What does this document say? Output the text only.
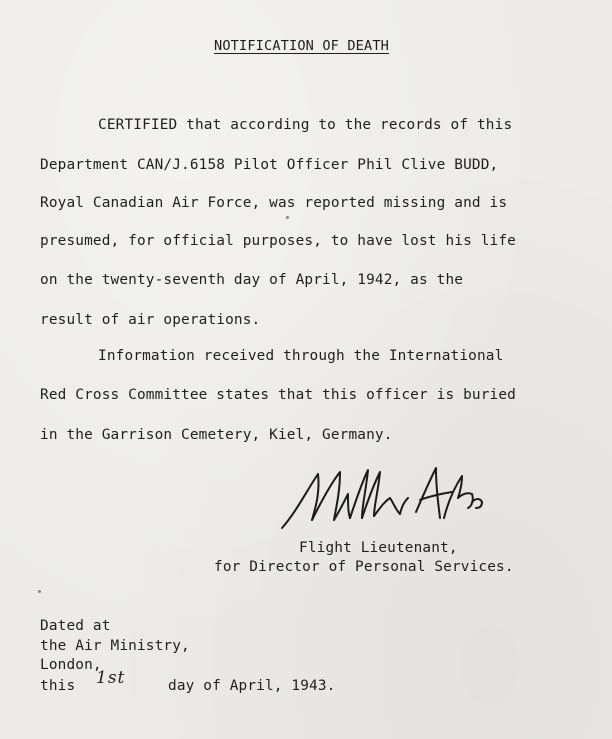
NOTIFICATION OF DEATH
CERTIFIED that according to the records of this
Department CAN/J.6158 Pilot Officer Phil Clive BUDD,
Royal Canadian Air Force, was reported missing and is
presumed, for official purposes, to have lost his life
on the twenty-seventh day of April, 1942, as the
result of air operations.
Information received through the International
Red Cross Committee states that this officer is buried
in the Garrison Cemetery, Kiel, Germany.
Flight Lieutenant,
for Director of Personal Services.
Dated at
the Air Ministry,
London,
this 1st	day of April, 1943.
